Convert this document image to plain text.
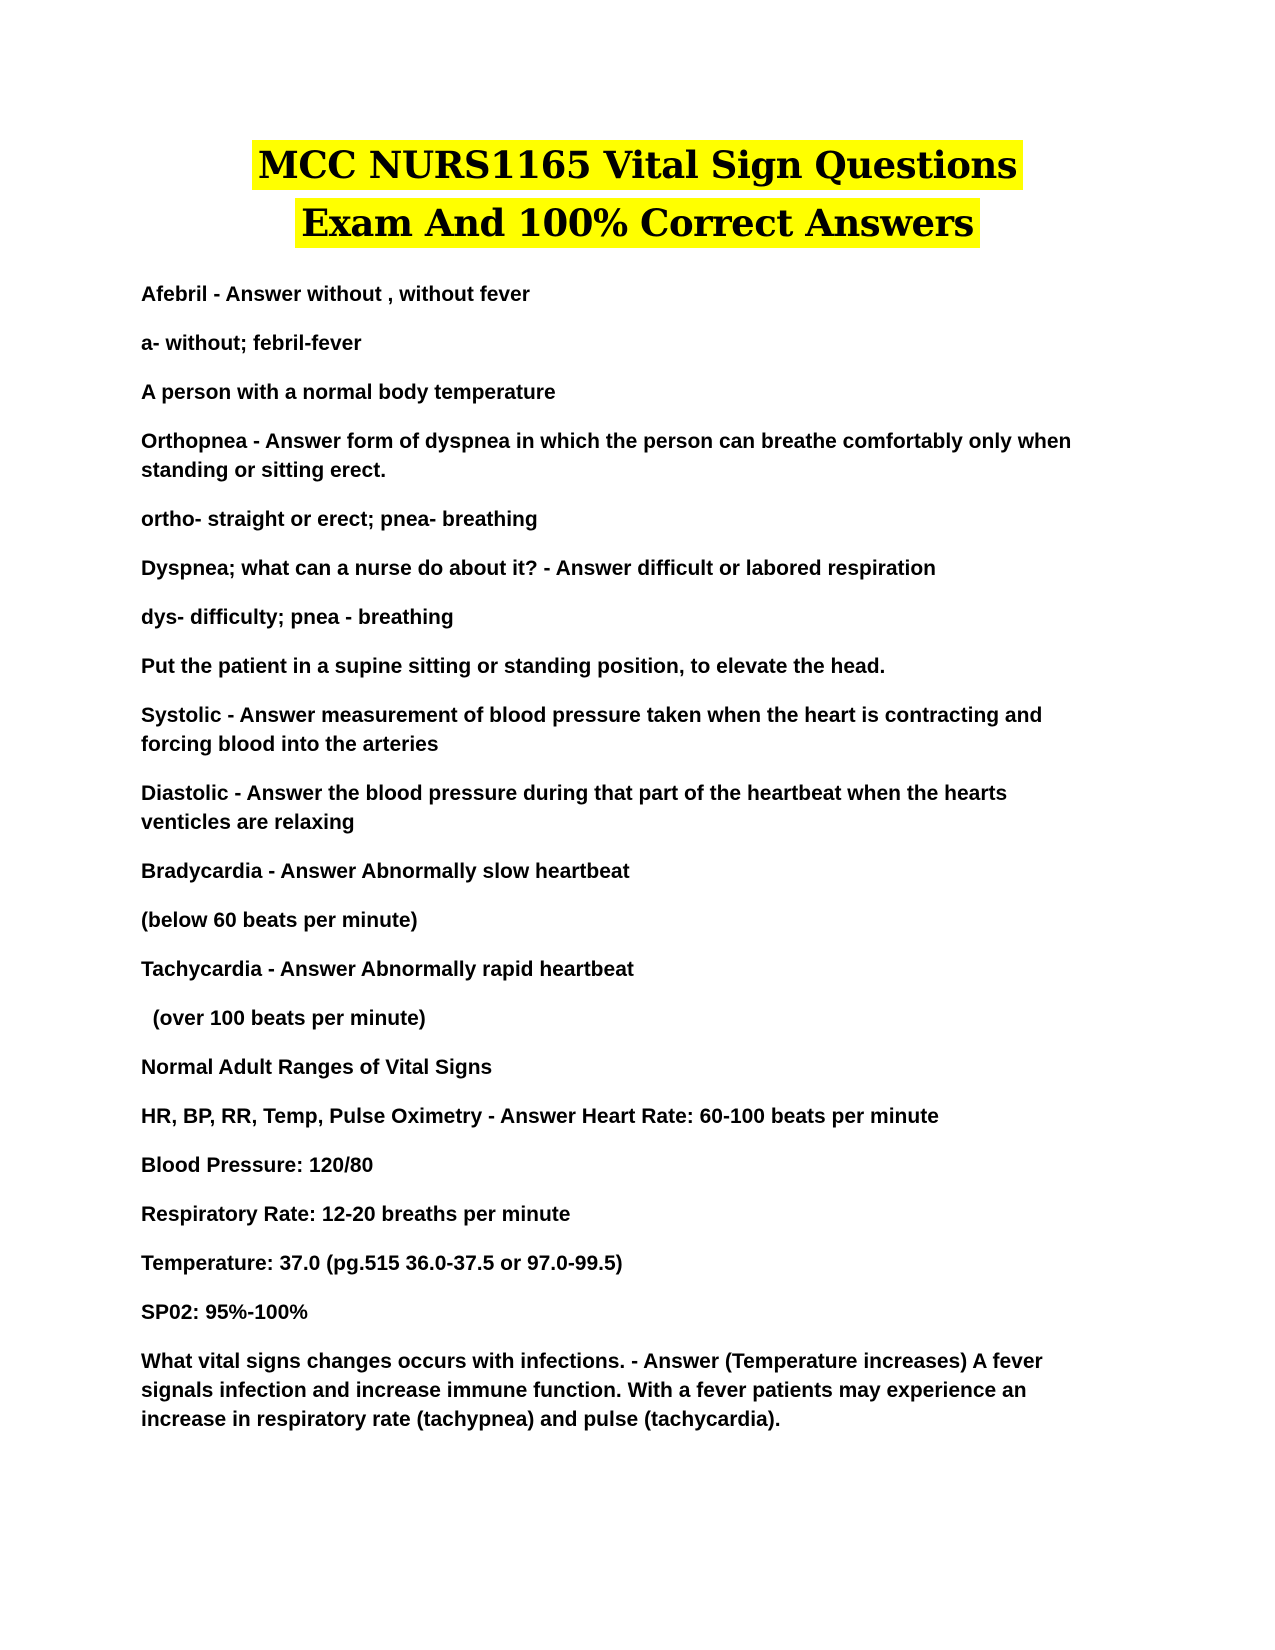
MCC NURS1165 Vital Sign Questions
Exam And 100% Correct Answers

Afebril - Answer without , without fever

a- without; febril-fever

A person with a normal body temperature

Orthopnea - Answer form of dyspnea in which the person can breathe comfortably only when standing or sitting erect.

ortho- straight or erect; pnea- breathing

Dyspnea; what can a nurse do about it? - Answer difficult or labored respiration

dys- difficulty; pnea - breathing

Put the patient in a supine sitting or standing position, to elevate the head.

Systolic - Answer measurement of blood pressure taken when the heart is contracting and forcing blood into the arteries

Diastolic - Answer the blood pressure during that part of the heartbeat when the hearts venticles are relaxing

Bradycardia - Answer Abnormally slow heartbeat

(below 60 beats per minute)

Tachycardia - Answer Abnormally rapid heartbeat

(over 100 beats per minute)

Normal Adult Ranges of Vital Signs

HR, BP, RR, Temp, Pulse Oximetry - Answer Heart Rate: 60-100 beats per minute

Blood Pressure: 120/80

Respiratory Rate: 12-20 breaths per minute

Temperature: 37.0 (pg.515 36.0-37.5 or 97.0-99.5)

SP02: 95%-100%

What vital signs changes occurs with infections. - Answer (Temperature increases) A fever signals infection and increase immune function. With a fever patients may experience an increase in respiratory rate (tachypnea) and pulse (tachycardia).
